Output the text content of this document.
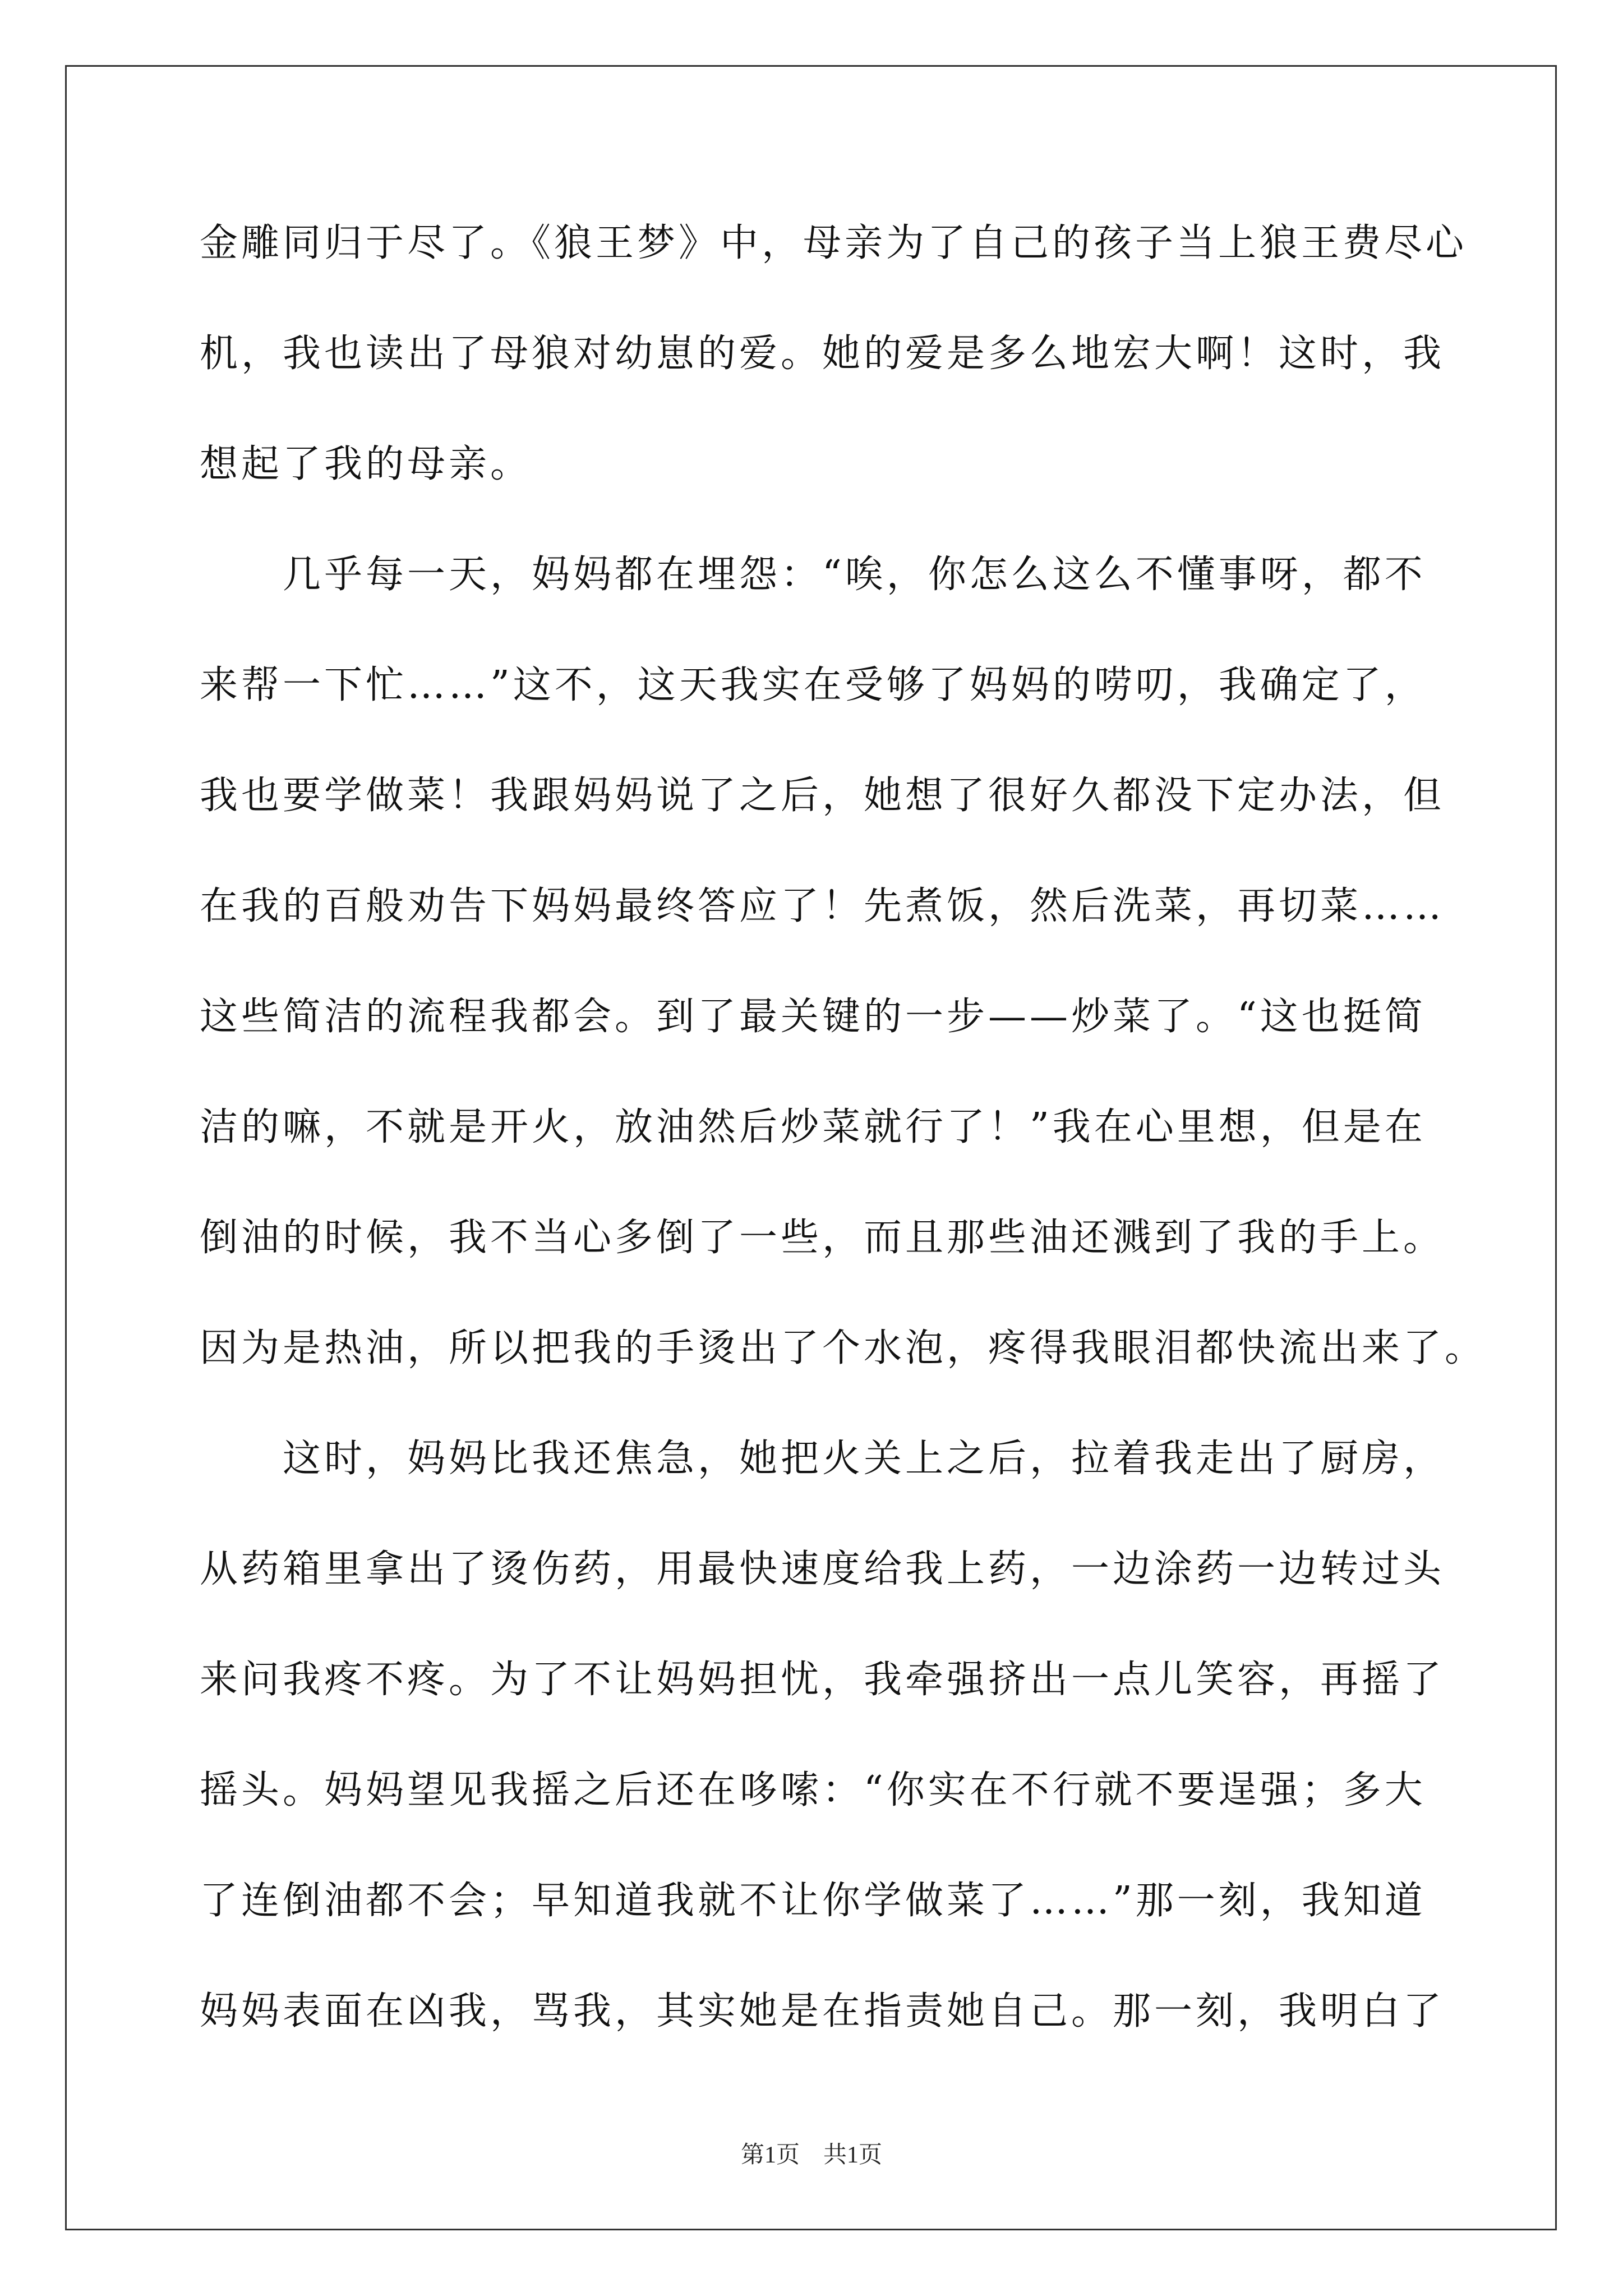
金雕同归于尽了。《狼王梦》中，母亲为了自己的孩子当上狼王费尽心
机，我也读出了母狼对幼崽的爱。她的爱是多么地宏大啊！这时，我
想起了我的母亲。
几乎每一天，妈妈都在埋怨：“唉，你怎么这么不懂事呀，都不
来帮一下忙……”这不，这天我实在受够了妈妈的唠叨，我确定了，
我也要学做菜！我跟妈妈说了之后，她想了很好久都没下定办法，但
在我的百般劝告下妈妈最终答应了！先煮饭，然后洗菜，再切菜……
这些简洁的流程我都会。到了最关键的一步——炒菜了。“这也挺简
洁的嘛，不就是开火，放油然后炒菜就行了！”我在心里想，但是在
倒油的时候，我不当心多倒了一些，而且那些油还溅到了我的手上。
因为是热油，所以把我的手烫出了个水泡，疼得我眼泪都快流出来了。
这时，妈妈比我还焦急，她把火关上之后，拉着我走出了厨房，
从药箱里拿出了烫伤药，用最快速度给我上药，一边涂药一边转过头
来问我疼不疼。为了不让妈妈担忧，我牵强挤出一点儿笑容，再摇了
摇头。妈妈望见我摇之后还在哆嗦：“你实在不行就不要逞强；多大
了连倒油都不会；早知道我就不让你学做菜了……”那一刻，我知道
妈妈表面在凶我，骂我，其实她是在指责她自己。那一刻，我明白了
第1页　共1页
